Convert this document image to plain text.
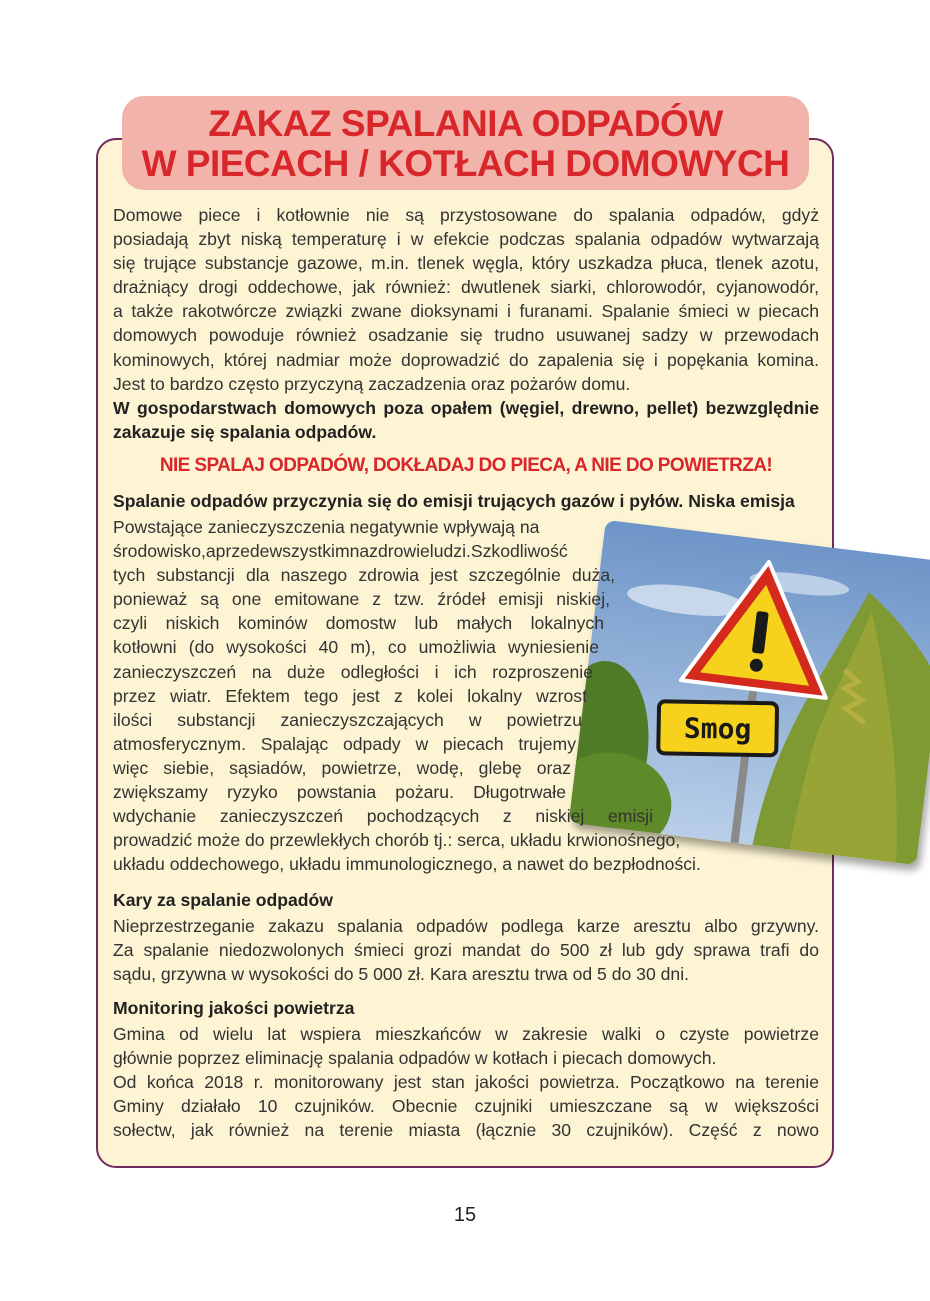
ZAKAZ SPALANIA ODPADÓW
W PIECACH / KOTŁACH DOMOWYCH
Domowe piece i kotłownie nie są przystosowane do spalania odpadów, gdyż
posiadają zbyt niską temperaturę i w efekcie podczas spalania odpadów wytwarzają
się trujące substancje gazowe, m.in. tlenek węgla, który uszkadza płuca, tlenek azotu,
drażniący drogi oddechowe, jak również: dwutlenek siarki, chlorowodór, cyjanowodór,
a także rakotwórcze związki zwane dioksynami i furanami. Spalanie śmieci w piecach
domowych powoduje również osadzanie się trudno usuwanej sadzy w przewodach
kominowych, której nadmiar może doprowadzić do zapalenia się i popękania komina.
Jest to bardzo często przyczyną zaczadzenia oraz pożarów domu.
W gospodarstwach domowych poza opałem (węgiel, drewno, pellet) bezwzględnie
zakazuje się spalania odpadów.
NIE SPALAJ ODPADÓW, DOKŁADAJ DO PIECA, A NIE DO POWIETRZA!
Spalanie odpadów przyczynia się do emisji trujących gazów i pyłów. Niska emisja
Smog
Powstające zanieczyszczenia negatywnie wpływają na
środowisko,aprzedewszystkimnazdrowieludzi.Szkodliwość
tych substancji dla naszego zdrowia jest szczególnie duża,
ponieważ są one emitowane z tzw. źródeł emisji niskiej,
czyli niskich kominów domostw lub małych lokalnych
kotłowni (do wysokości 40 m), co umożliwia wyniesienie
zanieczyszczeń na duże odległości i ich rozproszenie
przez wiatr. Efektem tego jest z kolei lokalny wzrost
ilości substancji zanieczyszczających w powietrzu
atmosferycznym. Spalając odpady w piecach trujemy
więc siebie, sąsiadów, powietrze, wodę, glebę oraz
zwiększamy ryzyko powstania pożaru. Długotrwałe
wdychanie zanieczyszczeń pochodzących z niskiej emisji
prowadzić może do przewlekłych chorób tj.: serca, układu krwionośnego,
układu oddechowego, układu immunologicznego, a nawet do bezpłodności.
Kary za spalanie odpadów
Nieprzestrzeganie zakazu spalania odpadów podlega karze aresztu albo grzywny.
Za spalanie niedozwolonych śmieci grozi mandat do 500 zł lub gdy sprawa trafi do
sądu, grzywna w wysokości do 5 000 zł. Kara aresztu trwa od 5 do 30 dni.
Monitoring jakości powietrza
Gmina od wielu lat wspiera mieszkańców w zakresie walki o czyste powietrze
głównie poprzez eliminację spalania odpadów w kotłach i piecach domowych.
Od końca 2018 r. monitorowany jest stan jakości powietrza. Początkowo na terenie
Gminy działało 10 czujników. Obecnie czujniki umieszczane są w większości
sołectw, jak również na terenie miasta (łącznie 30 czujników). Część z nowo
15
